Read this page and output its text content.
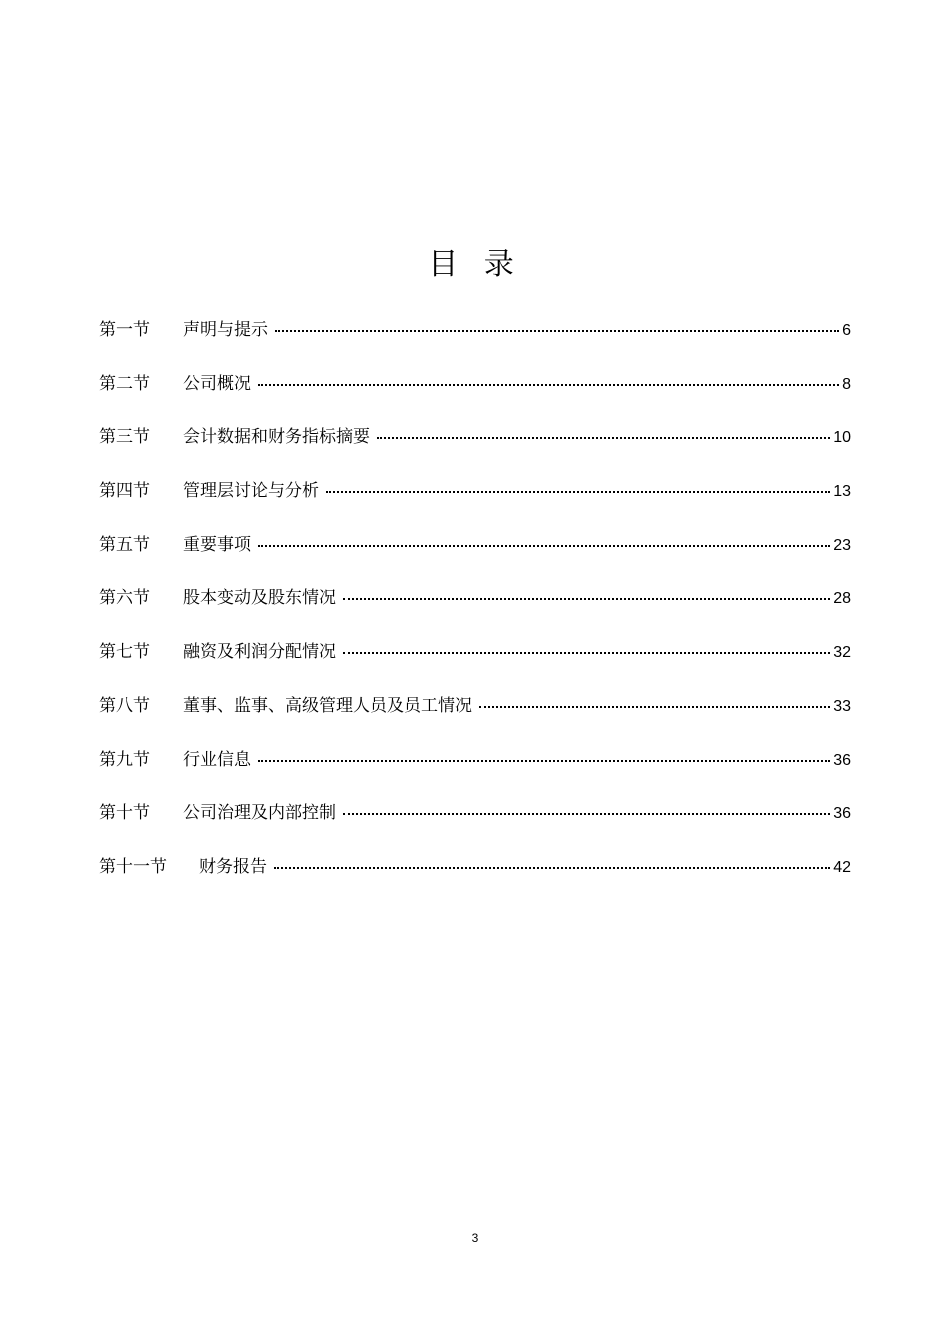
目 录
第一节	声明与提示	6
第二节	公司概况	8
第三节	会计数据和财务指标摘要	10
第四节	管理层讨论与分析	13
第五节	重要事项	23
第六节	股本变动及股东情况	28
第七节	融资及利润分配情况	32
第八节	董事、监事、高级管理人员及员工情况	33
第九节	行业信息	36
第十节	公司治理及内部控制	36
第十一节	财务报告	42
3
